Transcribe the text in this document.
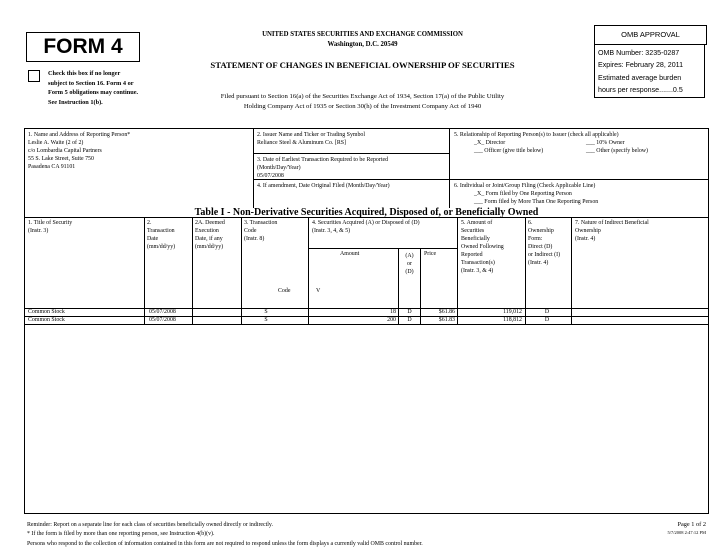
FORM 4
Check this box if no longer
subject to Section 16. Form 4 or
Form 5 obligations may continue.
See Instruction 1(b).
UNITED STATES SECURITIES AND EXCHANGE COMMISSION
Washington, D.C. 20549
STATEMENT OF CHANGES IN BENEFICIAL OWNERSHIP OF SECURITIES
Filed pursuant to Section 16(a) of the Securities Exchange Act of 1934, Section 17(a) of the Public Utility
Holding Company Act of 1935 or Section 30(h) of the Investment Company Act of 1940
OMB APPROVAL
OMB Number: 3235-0287
Expires: February 28, 2011
Estimated average burden
hours per response.......0.5
1. Name and Address of Reporting Person*
Leslie A. Waite (2 of 2)
c/o Lombardia Capital Partners
55 S. Lake Street, Suite 750
Pasadena CA 91101
2. Issuer Name and Ticker or Trading Symbol
Reliance Steel & Aluminum Co. [RS]
3. Date of Earliest Transaction Required to be Reported
(Month/Day/Year)
05/07/2008
4. If amendment, Date Original Filed (Month/Day/Year)
5. Relationship of Reporting Person(s) to Issuer (check all applicable)
_X_ Director	___ 10% Owner
___ Officer (give title below)	___ Other (specify below)
6. Individual or Joint/Group Filing (Check Applicable Line)
_X_ Form filed by One Reporting Person
___ Form filed by More Than One Reporting Person
Table I - Non-Derivative Securities Acquired, Disposed of, or Beneficially Owned
1. Title of Security
(Instr. 3)
2.
Transaction
Date
(mm/dd/yy)
2A. Deemed
Execution
Date, if any
(mm/dd/yy)
3. Transaction
Code
(Instr. 8)
Code	V
4. Securities Acquired (A) or Disposed of (D)
(Instr. 3, 4, & 5)
Amount	(A)
or
(D)
Price
5. Amount of
Securities
Beneficially
Owned Following
Reported
Transaction(s)
(Instr. 3, & 4)
6.
Ownership
Form:
Direct (D)
or Indirect (I)
(Instr. 4)
7. Nature of Indirect Beneficial
Ownership
(Instr. 4)
Common Stock	05/07/2008	S	18	D	$61.86	119,012	D
Common Stock	05/07/2008	S	200	D	$61.83	118,812	D
Reminder: Report on a separate line for each class of securities beneficially owned directly or indirectly.
* If the form is filed by more than one reporting person, see Instruction 4(b)(v).
Persons who respond to the collection of information contained in this form are not required to respond unless the form displays a currently valid OMB control number.
Page 1 of 2
5/7/2008 2:47:12 PM
